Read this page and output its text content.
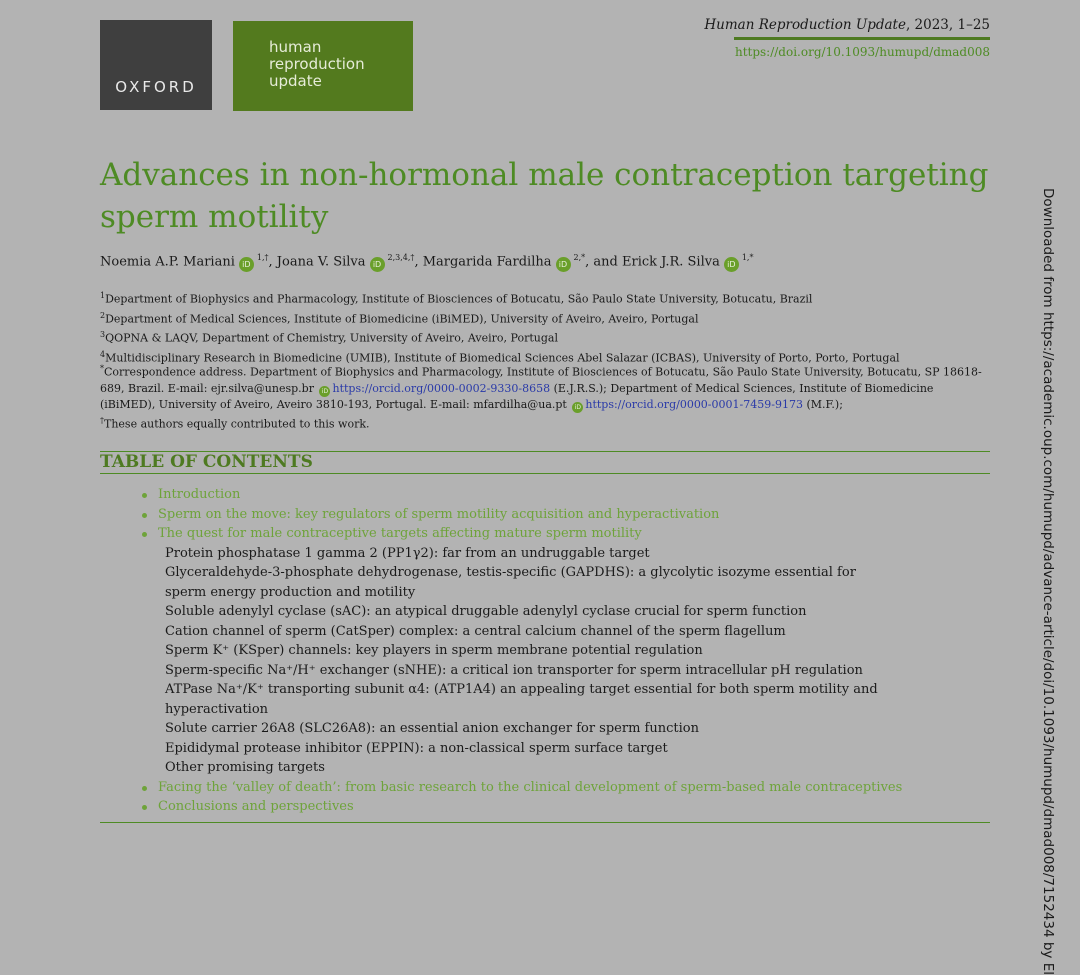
OXFORD
human
reproduction
update
Human Reproduction Update, 2023, 1–25
https://doi.org/10.1093/humupd/dmad008
Advances in non-hormonal male contraception targeting sperm motility
Noemia A.P. Mariani $iD^{1,\dagger}$, Joana V. Silva $iD^{2,3,4,\dagger}$, Margarida Fardilha $iD^{2,*}$, and Erick J.R. Silva $iD^{1,*}$
$^1$Department of Biophysics and Pharmacology, Institute of Biosciences of Botucatu, São Paulo State University, Botucatu, Brazil
$^2$Department of Medical Sciences, Institute of Biomedicine (iBiMED), University of Aveiro, Aveiro, Portugal
$^3$QOPNA & LAQV, Department of Chemistry, University of Aveiro, Aveiro, Portugal
$^4$Multidisciplinary Research in Biomedicine (UMIB), Institute of Biomedical Sciences Abel Salazar (ICBAS), University of Porto, Porto, Portugal
*Correspondence address. Department of Biophysics and Pharmacology, Institute of Biosciences of Botucatu, São Paulo State University, Botucatu, SP 18618-689, Brazil. E-mail: ejr.silva@unesp.br iD https://orcid.org/0000-0002-9330-8658 (E.J.R.S.); Department of Medical Sciences, Institute of Biomedicine (iBiMED), University of Aveiro, Aveiro 3810-193, Portugal. E-mail: mfardilha@ua.pt iD https://orcid.org/0000-0001-7459-9173 (M.F.);
†These authors equally contributed to this work.
TABLE OF CONTENTS
Introduction
Sperm on the move: key regulators of sperm motility acquisition and hyperactivation
The quest for male contraceptive targets affecting mature sperm motility
Protein phosphatase 1 gamma 2 (PP1γ2): far from an undruggable target
Glyceraldehyde-3-phosphate dehydrogenase, testis-specific (GAPDHS): a glycolytic isozyme essential for sperm energy production and motility
Soluble adenylyl cyclase (sAC): an atypical druggable adenylyl cyclase crucial for sperm function
Cation channel of sperm (CatSper) complex: a central calcium channel of the sperm flagellum
Sperm K⁺ (KSper) channels: key players in sperm membrane potential regulation
Sperm-specific Na⁺/H⁺ exchanger (sNHE): a critical ion transporter for sperm intracellular pH regulation
ATPase Na⁺/K⁺ transporting subunit α4: (ATP1A4) an appealing target essential for both sperm motility and hyperactivation
Solute carrier 26A8 (SLC26A8): an essential anion exchanger for sperm function
Epididymal protease inhibitor (EPPIN): a non-classical sperm surface target
Other promising targets
Facing the ‘valley of death’: from basic research to the clinical development of sperm-based male contraceptives
Conclusions and perspectives	Downloaded from https://academic.oup.com/humupd/advance-article/doi/10.1093/humupd/dmad008/7152434 by El
